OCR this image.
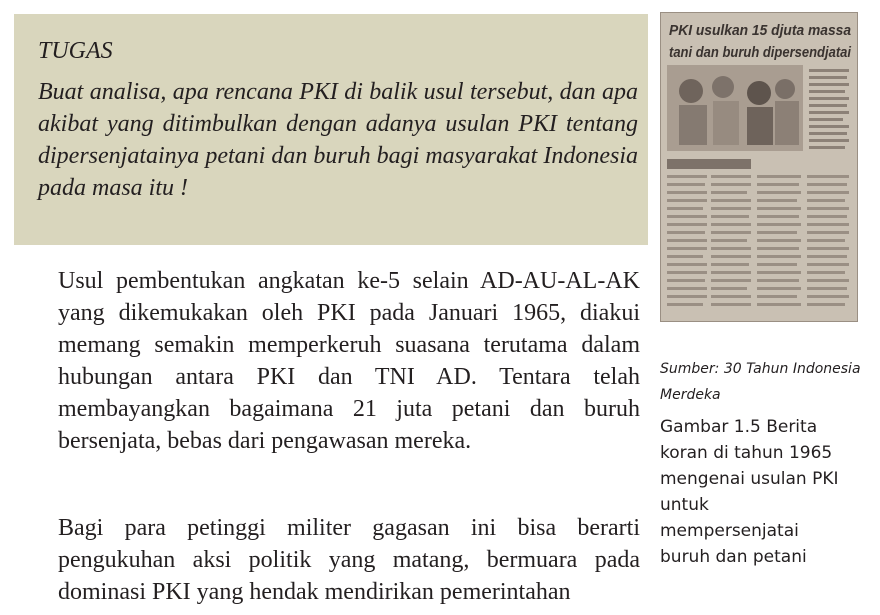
TUGAS

Buat analisa, apa rencana PKI di balik usul tersebut, dan apa akibat yang ditimbulkan dengan adanya usulan PKI tentang dipersenjatainya petani dan buruh bagi masyarakat Indonesia pada masa itu !

Usul pembentukan angkatan ke-5 selain AD-AU-AL-AK yang dikemukakan oleh PKI pada Januari 1965, diakui memang semakin memperkeruh suasana terutama dalam hubungan antara PKI dan TNI AD. Tentara telah membayangkan bagaimana 21 juta petani dan buruh bersenjata, bebas dari pengawasan mereka.

Bagi para petinggi militer gagasan ini bisa berarti pengukuhan aksi politik yang matang, bermuara pada dominasi PKI yang hendak mendirikan pemerintahan

PKI usulkan 15 djuta massa
tani dan buruh dipersendjatai

Sumber: 30 Tahun Indonesia Merdeka

Gambar 1.5 Berita koran di tahun 1965 mengenai usulan PKI untuk mempersenjatai buruh dan petani
